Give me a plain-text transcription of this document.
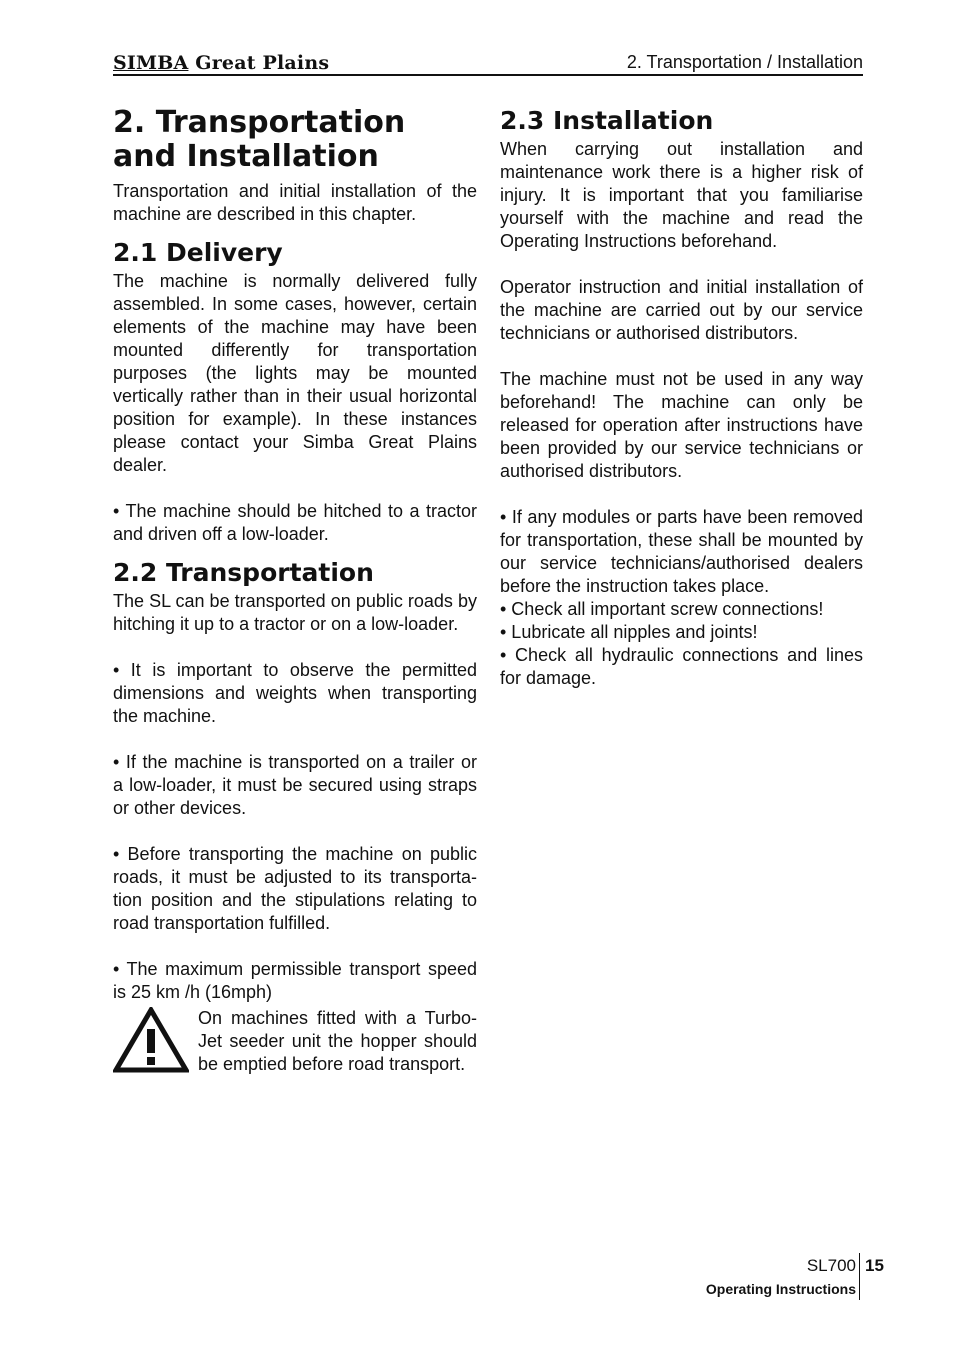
SIMBA Great Plains	2. Transportation / Installation
2. Transportation and Installation

Transportation and initial installation of the machine are described in this chapter.

2.1 Delivery

The machine is normally delivered fully assembled. In some cases, however, certain elements of the machine may have been mounted differently for transportation purposes (the lights may be mounted vertically rather than in their usual horizontal position for example). In these instances please contact your Simba Great Plains dealer.

• The machine should be hitched to a tractor and driven off a low-loader.

2.2 Transportation

The SL can be transported on public roads by hitching it up to a tractor or on a low-loader.

• It is important to observe the permitted dimensions and weights when transporting the machine.

• If the machine is transported on a trailer or a low-loader, it must be secured using straps or other devices.

• Before transporting the machine on public roads, it must be adjusted to its transporta-tion position and the stipulations relating to road transportation fulfilled.

• The maximum permissible transport speed is 25 km /h (16mph)

On machines fitted with a Turbo-Jet seeder unit the hopper should be emptied before road transport.

2.3 Installation

When carrying out installation and maintenance work there is a higher risk of injury. It is important that you familiarise yourself with the machine and read the Operating Instructions beforehand.

Operator instruction and initial installation of the machine are carried out by our service technicians or authorised distributors.

The machine must not be used in any way beforehand! The machine can only be released for operation after instructions have been provided by our service technicians or authorised distributors.

• If any modules or parts have been removed for transportation, these shall be mounted by our service technicians/authorised dealers before the instruction takes place.

• Check all important screw connections!

• Lubricate all nipples and joints!

• Check all hydraulic connections and lines for damage.

SL700 15
Operating Instructions
